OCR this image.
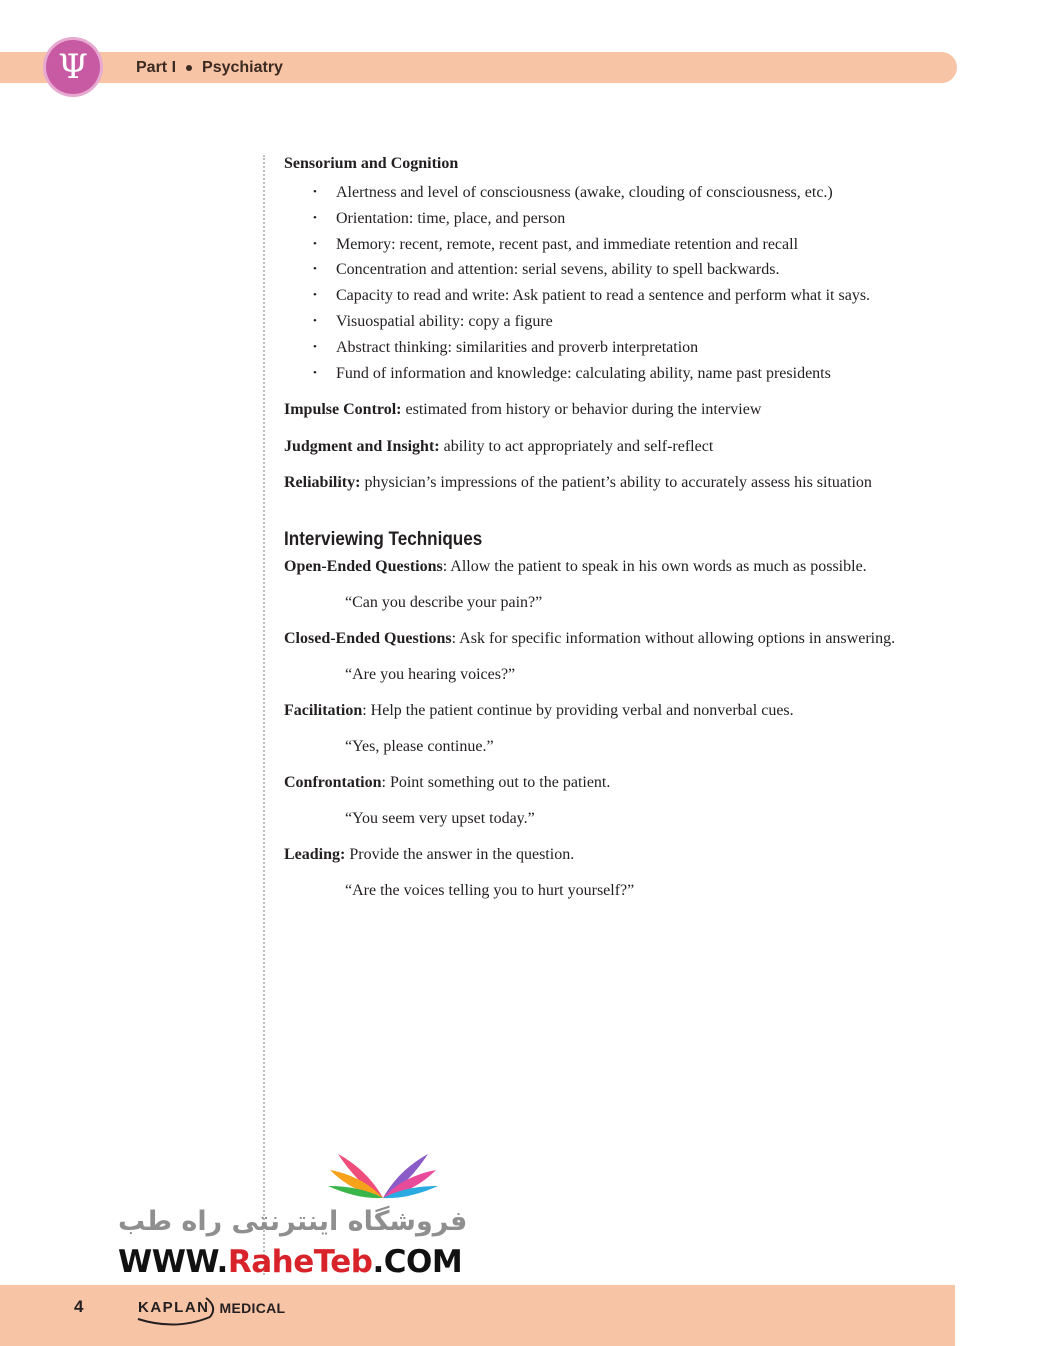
Ψ	Part I Psychiatry
Sensorium and Cognition
• Alertness and level of consciousness (awake, clouding of consciousness, etc.)
• Orientation: time, place, and person
• Memory: recent, remote, recent past, and immediate retention and recall
• Concentration and attention: serial sevens, ability to spell backwards.
• Capacity to read and write: Ask patient to read a sentence and perform what it says.
• Visuospatial ability: copy a figure
• Abstract thinking: similarities and proverb interpretation
• Fund of information and knowledge: calculating ability, name past presidents
Impulse Control: estimated from history or behavior during the interview
Judgment and Insight: ability to act appropriately and self-reflect
Reliability: physician’s impressions of the patient’s ability to accurately assess his situation
Interviewing Techniques
Open-Ended Questions: Allow the patient to speak in his own words as much as possible.
“Can you describe your pain?”
Closed-Ended Questions: Ask for specific information without allowing options in answering.
“Are you hearing voices?”
Facilitation: Help the patient continue by providing verbal and nonverbal cues.
“Yes, please continue.”
Confrontation: Point something out to the patient.
“You seem very upset today.”
Leading: Provide the answer in the question.
“Are the voices telling you to hurt yourself?”
فروشگاه اینترنتی راه طب
WWW.RaheTeb.COM
4	KAPLAN MEDICAL
